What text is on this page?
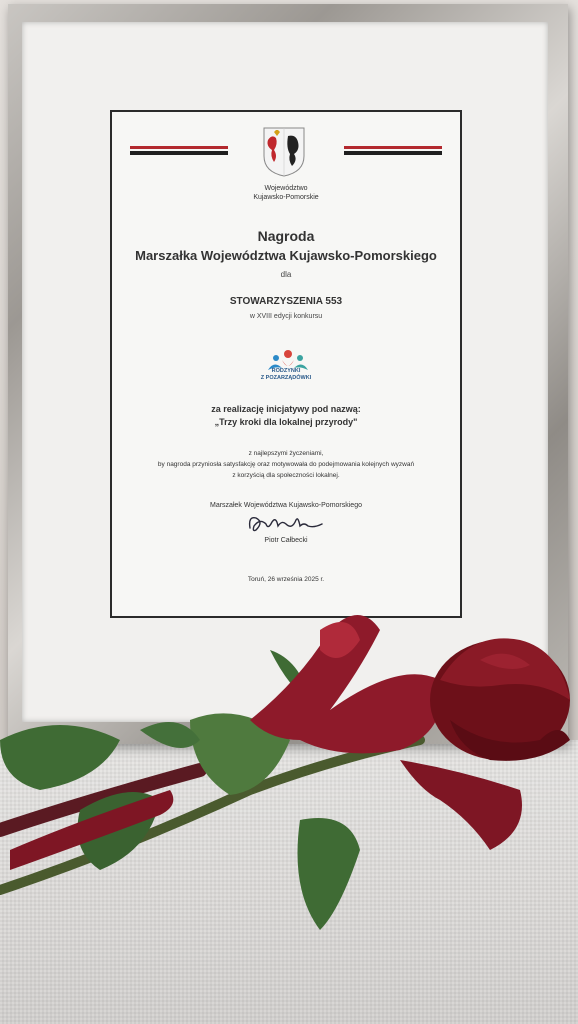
Województwo
Kujawsko-Pomorskie
Nagroda
Marszałka Województwa Kujawsko-Pomorskiego
dla
STOWARZYSZENIA 553
w XVIII edycji konkursu
RODZYNKI
Z POZARZĄDÓWKI
za realizację inicjatywy pod nazwą:
„Trzy kroki dla lokalnej przyrody"
z najlepszymi życzeniami,
by nagroda przyniosła satysfakcję oraz motywowała do podejmowania kolejnych wyzwań
z korzyścią dla społeczności lokalnej.
Marszałek Województwa Kujawsko-Pomorskiego
Piotr Całbecki
Toruń, 26 września 2025 r.
